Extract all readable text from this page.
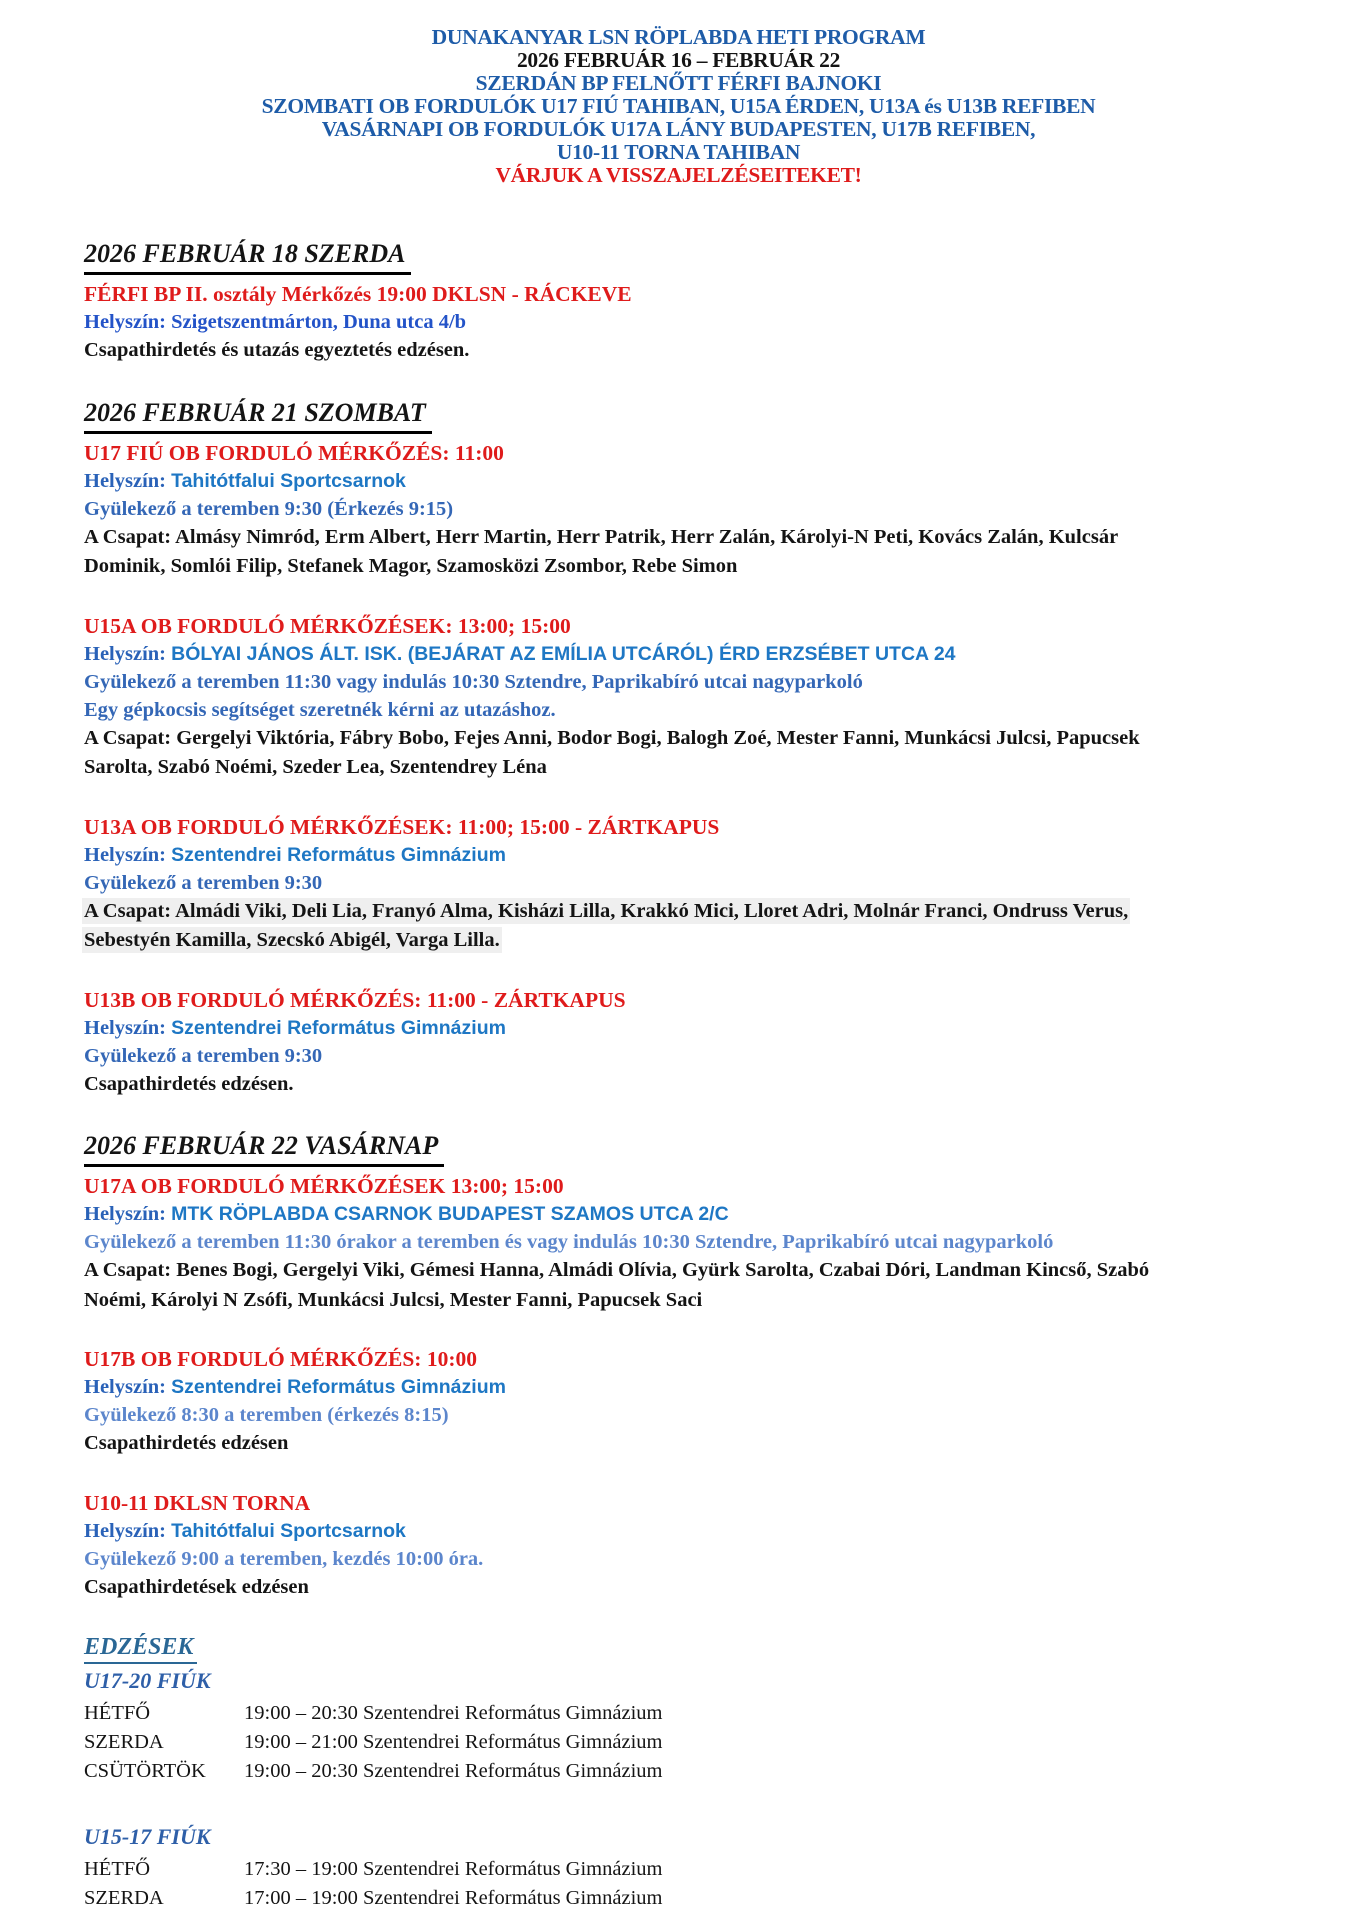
DUNAKANYAR LSN RÖPLABDA HETI PROGRAM
2026 FEBRUÁR 16 – FEBRUÁR 22
SZERDÁN BP FELNŐTT FÉRFI BAJNOKI
SZOMBATI OB FORDULÓK U17 FIÚ TAHIBAN, U15A ÉRDEN, U13A és U13B REFIBEN
VASÁRNAPI OB FORDULÓK U17A LÁNY BUDAPESTEN, U17B REFIBEN,
U10-11 TORNA TAHIBAN
VÁRJUK A VISSZAJELZÉSEITEKET!
2026 FEBRUÁR 18 SZERDA
FÉRFI BP II. osztály Mérkőzés 19:00 DKLSN - RÁCKEVE
Helyszín: Szigetszentmárton, Duna utca 4/b
Csapathirdetés és utazás egyeztetés edzésen.
2026 FEBRUÁR 21 SZOMBAT
U17 FIÚ OB FORDULÓ MÉRKŐZÉS: 11:00
Helyszín: Tahitótfalui Sportcsarnok
Gyülekező a teremben 9:30 (Érkezés 9:15)
A Csapat: Almásy Nimród, Erm Albert, Herr Martin, Herr Patrik, Herr Zalán, Károlyi-N Peti, Kovács Zalán, Kulcsár
Dominik, Somlói Filip, Stefanek Magor, Szamosközi Zsombor, Rebe Simon
U15A OB FORDULÓ MÉRKŐZÉSEK: 13:00; 15:00
Helyszín: BÓLYAI JÁNOS ÁLT. ISK. (BEJÁRAT AZ EMÍLIA UTCÁRÓL) ÉRD ERZSÉBET UTCA 24
Gyülekező a teremben 11:30 vagy indulás 10:30 Sztendre, Paprikabíró utcai nagyparkoló
Egy gépkocsis segítséget szeretnék kérni az utazáshoz.
A Csapat: Gergelyi Viktória, Fábry Bobo, Fejes Anni, Bodor Bogi, Balogh Zoé, Mester Fanni, Munkácsi Julcsi, Papucsek
Sarolta, Szabó Noémi, Szeder Lea, Szentendrey Léna
U13A OB FORDULÓ MÉRKŐZÉSEK: 11:00; 15:00 - ZÁRTKAPUS
Helyszín: Szentendrei Református Gimnázium
Gyülekező a teremben 9:30
A Csapat: Almádi Viki, Deli Lia, Franyó Alma, Kisházi Lilla, Krakkó Mici, Lloret Adri, Molnár Franci, Ondruss Verus,
Sebestyén Kamilla, Szecskó Abigél, Varga Lilla.
U13B OB FORDULÓ MÉRKŐZÉS: 11:00 - ZÁRTKAPUS
Helyszín: Szentendrei Református Gimnázium
Gyülekező a teremben 9:30
Csapathirdetés edzésen.
2026 FEBRUÁR 22 VASÁRNAP
U17A OB FORDULÓ MÉRKŐZÉSEK 13:00; 15:00
Helyszín: MTK RÖPLABDA CSARNOK BUDAPEST SZAMOS UTCA 2/C
Gyülekező a teremben 11:30 órakor a teremben és vagy indulás 10:30 Sztendre, Paprikabíró utcai nagyparkoló
A Csapat: Benes Bogi, Gergelyi Viki, Gémesi Hanna, Almádi Olívia, Gyürk Sarolta, Czabai Dóri, Landman Kincső, Szabó
Noémi, Károlyi N Zsófi, Munkácsi Julcsi, Mester Fanni, Papucsek Saci
U17B OB FORDULÓ MÉRKŐZÉS: 10:00
Helyszín: Szentendrei Református Gimnázium
Gyülekező 8:30 a teremben (érkezés 8:15)
Csapathirdetés edzésen
U10-11 DKLSN TORNA
Helyszín: Tahitótfalui Sportcsarnok
Gyülekező 9:00 a teremben, kezdés 10:00 óra.
Csapathirdetések edzésen
EDZÉSEK
U17-20 FIÚK
HÉTFŐ	19:00 – 20:30 Szentendrei Református Gimnázium
SZERDA	19:00 – 21:00 Szentendrei Református Gimnázium
CSÜTÖRTÖK	19:00 – 20:30 Szentendrei Református Gimnázium
U15-17 FIÚK
HÉTFŐ	17:30 – 19:00 Szentendrei Református Gimnázium
SZERDA	17:00 – 19:00 Szentendrei Református Gimnázium
